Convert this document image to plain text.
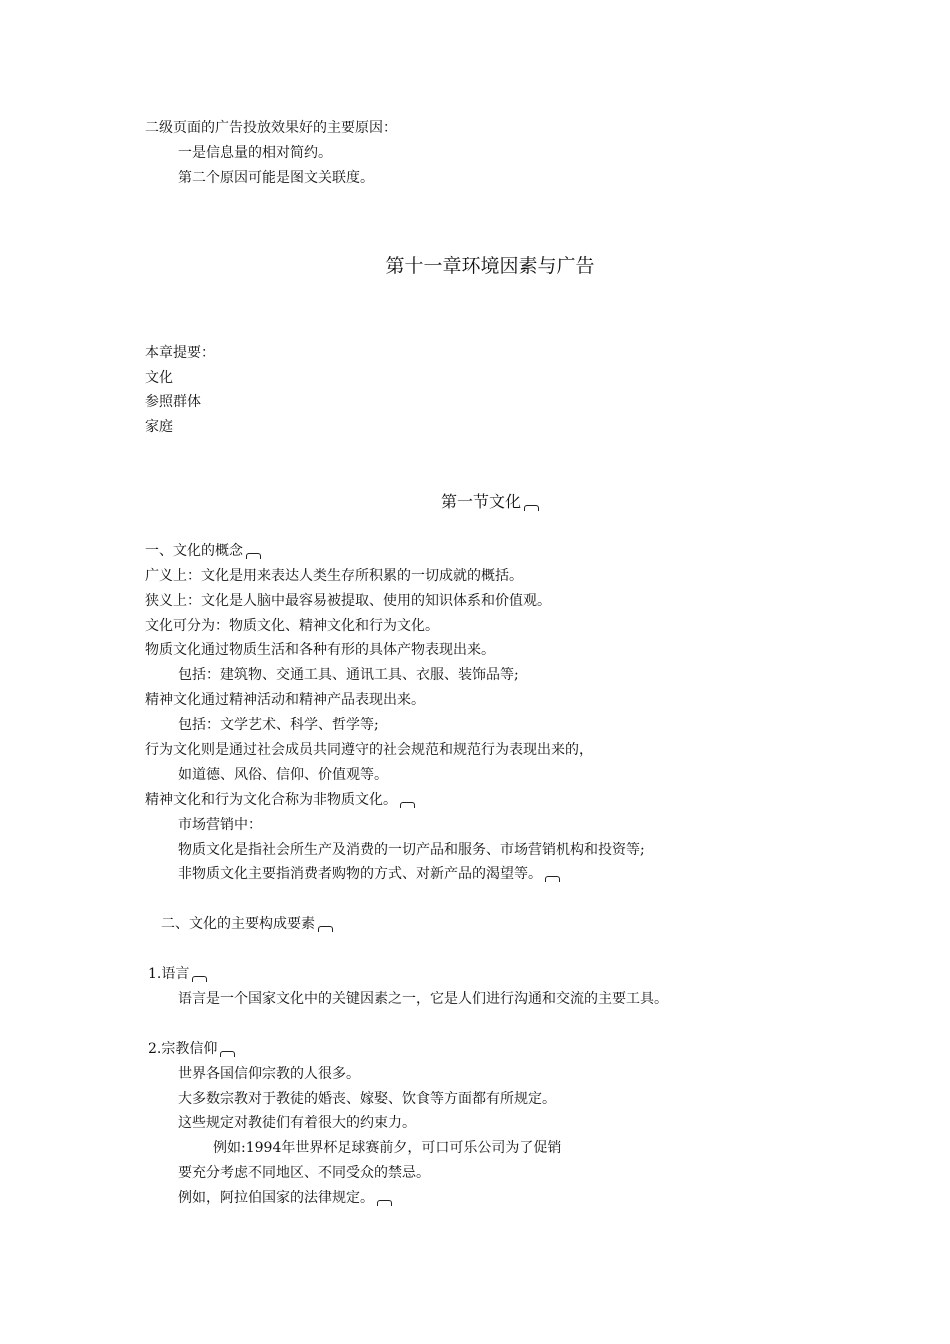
二级页面的广告投放效果好的主要原因：
一是信息量的相对简约。
第二个原因可能是图文关联度。
第十一章环境因素与广告
本章提要：
文化
参照群体
家庭
第一节文化
一、文化的概念
广义上：文化是用来表达人类生存所积累的一切成就的概括。
狭义上：文化是人脑中最容易被提取、使用的知识体系和价值观。
文化可分为：物质文化、精神文化和行为文化。
物质文化通过物质生活和各种有形的具体产物表现出来。
包括：建筑物、交通工具、通讯工具、衣服、装饰品等;
精神文化通过精神活动和精神产品表现出来。
包括：文学艺术、科学、哲学等;
行为文化则是通过社会成员共同遵守的社会规范和规范行为表现出来的，
如道德、风俗、信仰、价值观等。
精神文化和行为文化合称为非物质文化。
市场营销中：
物质文化是指社会所生产及消费的一切产品和服务、市场营销机构和投资等;
非物质文化主要指消费者购物的方式、对新产品的渴望等。
二、文化的主要构成要素
1.语言
语言是一个国家文化中的关键因素之一，它是人们进行沟通和交流的主要工具。
2.宗教信仰
世界各国信仰宗教的人很多。
大多数宗教对于教徒的婚丧、嫁娶、饮食等方面都有所规定。
这些规定对教徒们有着很大的约束力。
例如:1994年世界杯足球赛前夕，可口可乐公司为了促销
要充分考虑不同地区、不同受众的禁忌。
例如，阿拉伯国家的法律规定。
